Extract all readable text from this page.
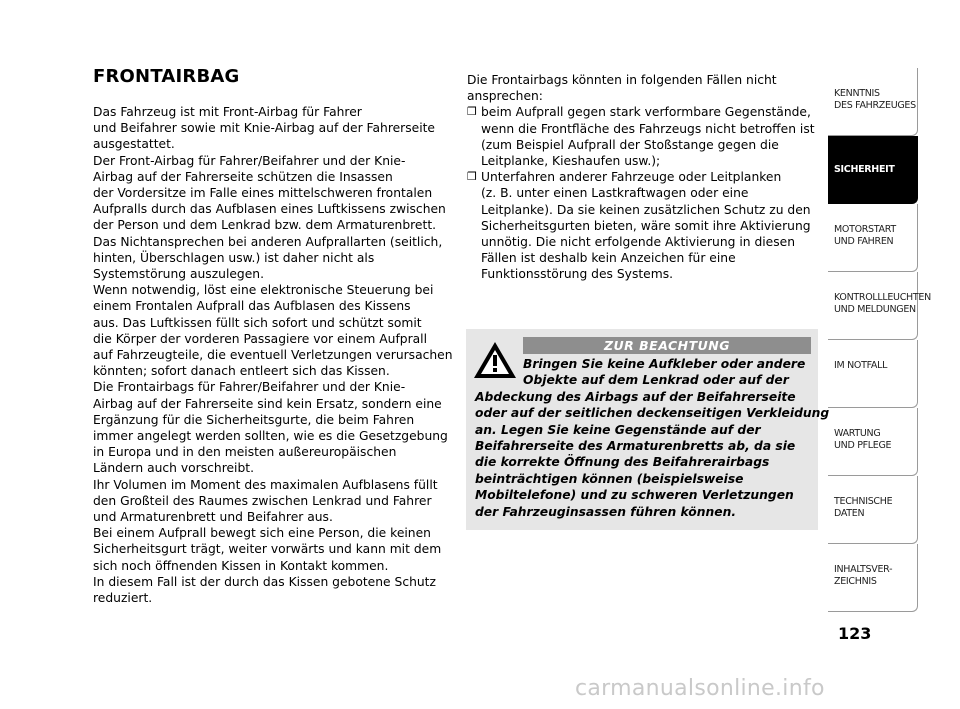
FRONTAIRBAG
Das Fahrzeug ist mit Front-Airbag für Fahrer
und Beifahrer sowie mit Knie-Airbag auf der Fahrerseite
ausgestattet.
Der Front-Airbag für Fahrer/Beifahrer und der Knie-
Airbag auf der Fahrerseite schützen die Insassen
der Vordersitze im Falle eines mittelschweren frontalen
Aufpralls durch das Aufblasen eines Luftkissens zwischen
der Person und dem Lenkrad bzw. dem Armaturenbrett.
Das Nichtansprechen bei anderen Aufprallarten (seitlich,
hinten, Überschlagen usw.) ist daher nicht als
Systemstörung auszulegen.
Wenn notwendig, löst eine elektronische Steuerung bei
einem Frontalen Aufprall das Aufblasen des Kissens
aus. Das Luftkissen füllt sich sofort und schützt somit
die Körper der vorderen Passagiere vor einem Aufprall
auf Fahrzeugteile, die eventuell Verletzungen verursachen
könnten; sofort danach entleert sich das Kissen.
Die Frontairbags für Fahrer/Beifahrer und der Knie-
Airbag auf der Fahrerseite sind kein Ersatz, sondern eine
Ergänzung für die Sicherheitsgurte, die beim Fahren
immer angelegt werden sollten, wie es die Gesetzgebung
in Europa und in den meisten außereuropäischen
Ländern auch vorschreibt.
Ihr Volumen im Moment des maximalen Aufblasens füllt
den Großteil des Raumes zwischen Lenkrad und Fahrer
und Armaturenbrett und Beifahrer aus.
Bei einem Aufprall bewegt sich eine Person, die keinen
Sicherheitsgurt trägt, weiter vorwärts und kann mit dem
sich noch öffnenden Kissen in Kontakt kommen.
In diesem Fall ist der durch das Kissen gebotene Schutz
reduziert.
Die Frontairbags könnten in folgenden Fällen nicht
ansprechen:
❒ beim Aufprall gegen stark verformbare Gegenstände,
wenn die Frontfläche des Fahrzeugs nicht betroffen ist
(zum Beispiel Aufprall der Stoßstange gegen die
Leitplanke, Kieshaufen usw.);
❒ Unterfahren anderer Fahrzeuge oder Leitplanken
(z. B. unter einen Lastkraftwagen oder eine
Leitplanke). Da sie keinen zusätzlichen Schutz zu den
Sicherheitsgurten bieten, wäre somit ihre Aktivierung
unnötig. Die nicht erfolgende Aktivierung in diesen
Fällen ist deshalb kein Anzeichen für eine
Funktionsstörung des Systems.
ZUR BEACHTUNG
Bringen Sie keine Aufkleber oder andere
Objekte auf dem Lenkrad oder auf der
Abdeckung des Airbags auf der Beifahrerseite
oder auf der seitlichen deckenseitigen Verkleidung
an. Legen Sie keine Gegenstände auf der
Beifahrerseite des Armaturenbretts ab, da sie
die korrekte Öffnung des Beifahrerairbags
beinträchtigen können (beispielsweise
Mobiltelefone) und zu schweren Verletzungen
der Fahrzeuginsassen führen können.
KENNTNIS
DES FAHRZEUGES
SICHERHEIT
MOTORSTART
UND FAHREN
KONTROLLLEUCHTEN
UND MELDUNGEN
IM NOTFALL
WARTUNG
UND PFLEGE
TECHNISCHE
DATEN
INHALTSVER-
ZEICHNIS
123
carmanualsonline.info
